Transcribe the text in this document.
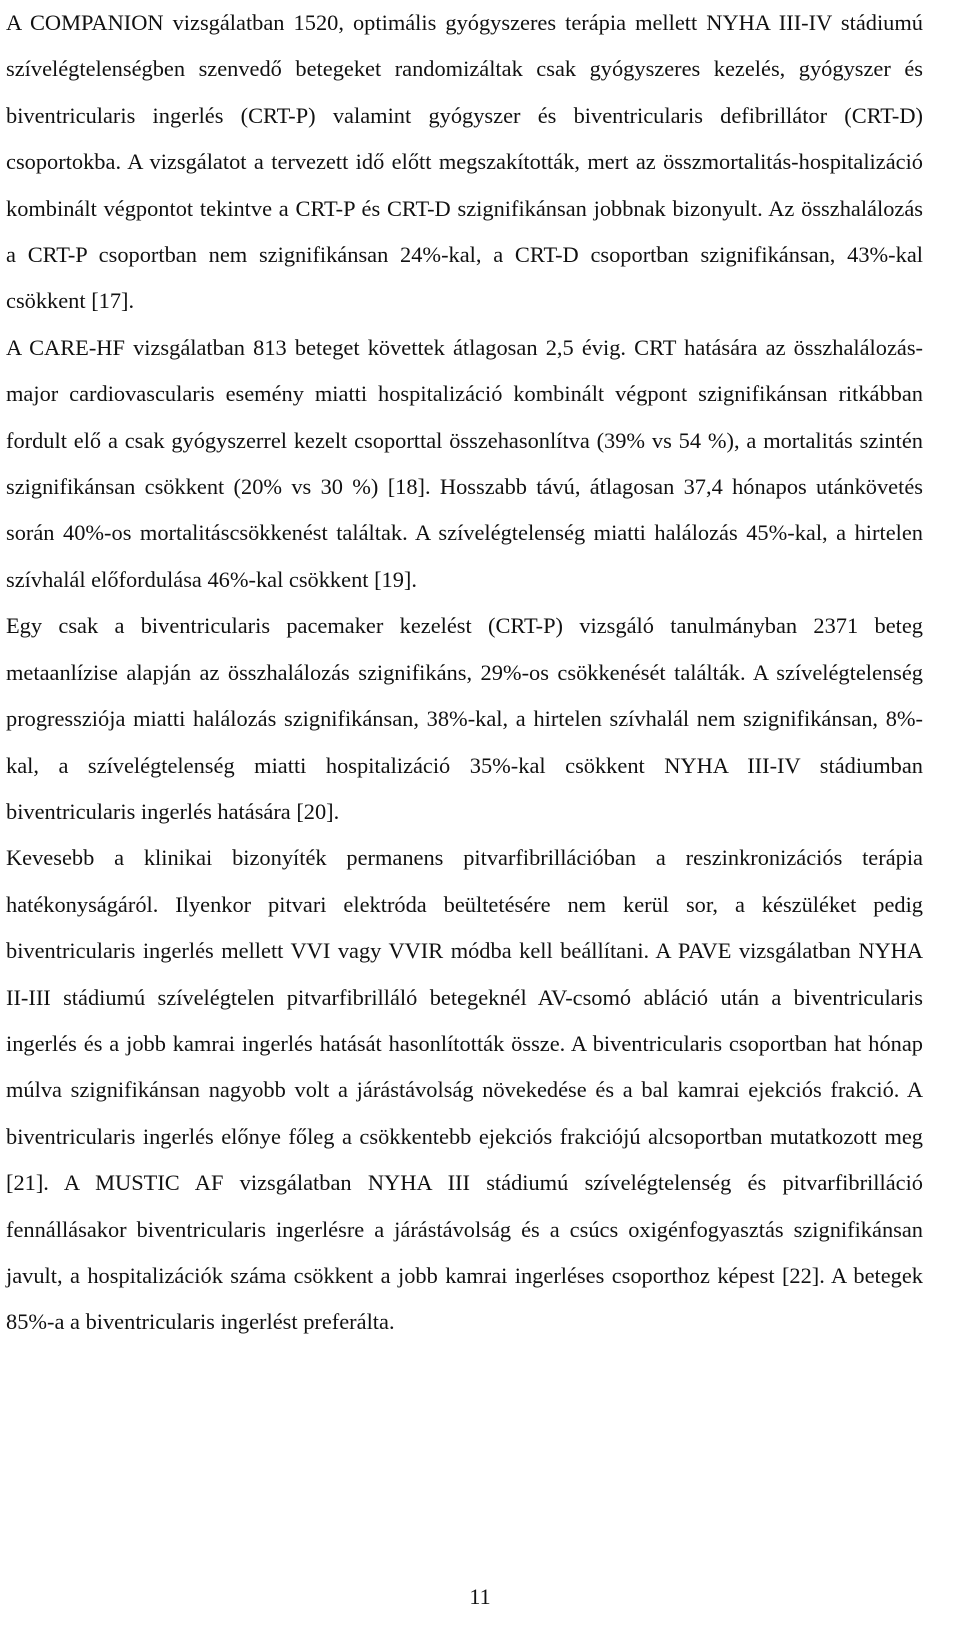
A COMPANION vizsgálatban 1520, optimális gyógyszeres terápia mellett NYHA III-IV stádiumú szívelégtelenségben szenvedő betegeket randomizáltak csak gyógyszeres kezelés, gyógyszer és biventricularis ingerlés (CRT-P) valamint gyógyszer és biventricularis defibrillátor (CRT-D) csoportokba. A vizsgálatot a tervezett idő előtt megszakították, mert az összmortalitás-hospitalizáció kombinált végpontot tekintve a CRT-P és CRT-D szignifikánsan jobbnak bizonyult. Az összhalálozás a CRT-P csoportban nem szignifikánsan 24%-kal, a CRT-D csoportban szignifikánsan, 43%-kal csökkent [17].

A CARE-HF vizsgálatban 813 beteget követtek átlagosan 2,5 évig. CRT hatására az összhalálozás-major cardiovascularis esemény miatti hospitalizáció kombinált végpont szignifikánsan ritkábban fordult elő a csak gyógyszerrel kezelt csoporttal összehasonlítva (39% vs 54 %), a mortalitás szintén szignifikánsan csökkent (20% vs 30 %) [18]. Hosszabb távú, átlagosan 37,4 hónapos utánkövetés során 40%-os mortalitáscsökkenést találtak. A szívelégtelenség miatti halálozás 45%-kal, a hirtelen szívhalál előfordulása 46%-kal csökkent [19].

Egy csak a biventricularis pacemaker kezelést (CRT-P) vizsgáló tanulmányban 2371 beteg metaanlízise alapján az összhalálozás szignifikáns, 29%-os csökkenését találták. A szívelégtelenség progressziója miatti halálozás szignifikánsan, 38%-kal, a hirtelen szívhalál nem szignifikánsan, 8%-kal, a szívelégtelenség miatti hospitalizáció 35%-kal csökkent NYHA III-IV stádiumban biventricularis ingerlés hatására [20].

Kevesebb a klinikai bizonyíték permanens pitvarfibrillációban a reszinkronizációs terápia hatékonyságáról. Ilyenkor pitvari elektróda beültetésére nem kerül sor, a készüléket pedig biventricularis ingerlés mellett VVI vagy VVIR módba kell beállítani. A PAVE vizsgálatban NYHA II-III stádiumú szívelégtelen pitvarfibrilláló betegeknél AV-csomó abláció után a biventricularis ingerlés és a jobb kamrai ingerlés hatását hasonlították össze. A biventricularis csoportban hat hónap múlva szignifikánsan nagyobb volt a járástávolság növekedése és a bal kamrai ejekciós frakció. A biventricularis ingerlés előnye főleg a csökkentebb ejekciós frakciójú alcsoportban mutatkozott meg [21]. A MUSTIC AF vizsgálatban NYHA III stádiumú szívelégtelenség és pitvarfibrilláció fennállásakor biventricularis ingerlésre a járástávolság és a csúcs oxigénfogyasztás szignifikánsan javult, a hospitalizációk száma csökkent a jobb kamrai ingerléses csoporthoz képest [22]. A betegek 85%-a a biventricularis ingerlést preferálta.

11
